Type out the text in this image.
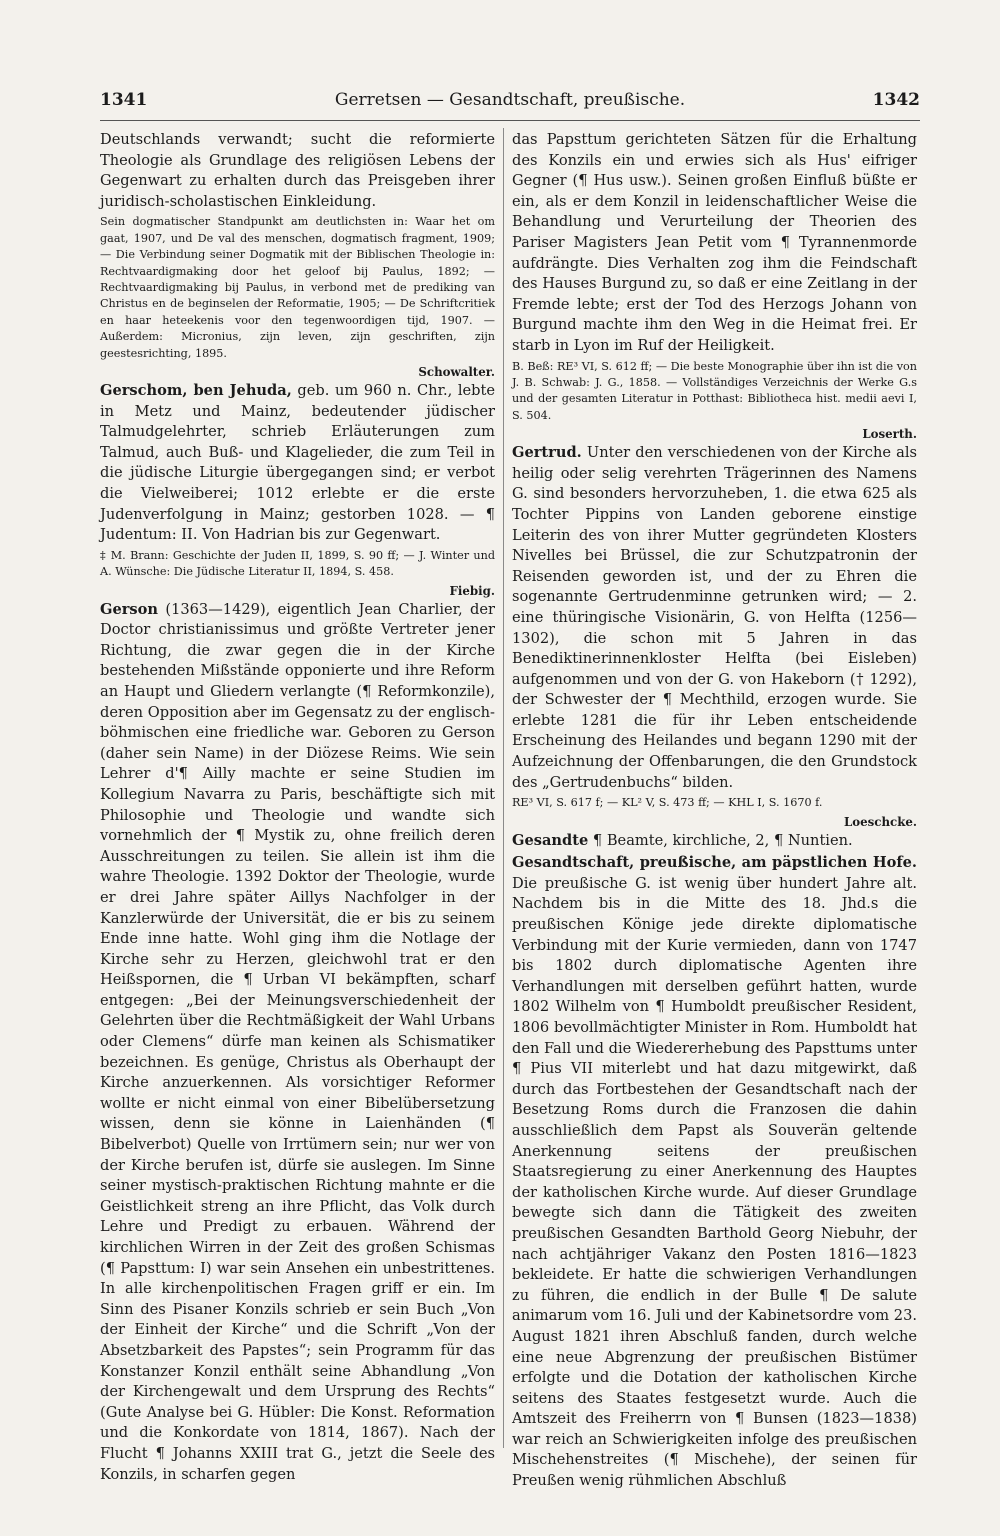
1341	Gerretsen — Gesandtschaft, preußische.	1342

Deutschlands verwandt; sucht die reformierte Theologie als Grundlage des religiösen Lebens der Gegenwart zu erhalten durch das Preisgeben ihrer juridisch-scholastischen Einkleidung.

Sein dogmatischer Standpunkt am deutlichsten in: Waar het om gaat, 1907, und De val des menschen, dogmatisch fragment, 1909; — Die Verbindung seiner Dogmatik mit der Biblischen Theologie in: Rechtvaardigmaking door het geloof bij Paulus, 1892; — Rechtvaardigmaking bij Paulus, in verbond met de prediking van Christus en de beginselen der Reformatie, 1905; — De Schriftcritiek en haar heteekenis voor den tegenwoordigen tijd, 1907. — Außerdem: Micronius, zijn leven, zijn geschriften, zijn geestesrichting, 1895.

Schowalter.

Gerschom, ben Jehuda, geb. um 960 n. Chr., lebte in Metz und Mainz, bedeutender jüdischer Talmudgelehrter, schrieb Erläuterungen zum Talmud, auch Buß- und Klagelieder, die zum Teil in die jüdische Liturgie übergegangen sind; er verbot die Vielweiberei; 1012 erlebte er die erste Judenverfolgung in Mainz; gestorben 1028. — ¶ Judentum: II. Von Hadrian bis zur Gegenwart.

‡ M. Brann: Geschichte der Juden II, 1899, S. 90 ff; — J. Winter und A. Wünsche: Die Jüdische Literatur II, 1894, S. 458.

Fiebig.

Gerson (1363—1429), eigentlich Jean Charlier, der Doctor christianissimus und größte Vertreter jener Richtung, die zwar gegen die in der Kirche bestehenden Mißstände opponierte und ihre Reform an Haupt und Gliedern verlangte (¶ Reformkonzile), deren Opposition aber im Gegensatz zu der englisch-böhmischen eine friedliche war. Geboren zu Gerson (daher sein Name) in der Diözese Reims. Wie sein Lehrer d'¶ Ailly machte er seine Studien im Kollegium Navarra zu Paris, beschäftigte sich mit Philosophie und Theologie und wandte sich vornehmlich der ¶ Mystik zu, ohne freilich deren Ausschreitungen zu teilen. Sie allein ist ihm die wahre Theologie. 1392 Doktor der Theologie, wurde er drei Jahre später Aillys Nachfolger in der Kanzlerwürde der Universität, die er bis zu seinem Ende inne hatte. Wohl ging ihm die Notlage der Kirche sehr zu Herzen, gleichwohl trat er den Heißspornen, die ¶ Urban VI bekämpften, scharf entgegen: „Bei der Meinungsverschiedenheit der Gelehrten über die Rechtmäßigkeit der Wahl Urbans oder Clemens“ dürfe man keinen als Schismatiker bezeichnen. Es genüge, Christus als Oberhaupt der Kirche anzuerkennen. Als vorsichtiger Reformer wollte er nicht einmal von einer Bibelübersetzung wissen, denn sie könne in Laienhänden (¶ Bibelverbot) Quelle von Irrtümern sein; nur wer von der Kirche berufen ist, dürfe sie auslegen. Im Sinne seiner mystisch-praktischen Richtung mahnte er die Geistlichkeit streng an ihre Pflicht, das Volk durch Lehre und Predigt zu erbauen. Während der kirchlichen Wirren in der Zeit des großen Schismas (¶ Papsttum: I) war sein Ansehen ein unbestrittenes. In alle kirchenpolitischen Fragen griff er ein. Im Sinn des Pisaner Konzils schrieb er sein Buch „Von der Einheit der Kirche“ und die Schrift „Von der Absetzbarkeit des Papstes“; sein Programm für das Konstanzer Konzil enthält seine Abhandlung „Von der Kirchengewalt und dem Ursprung des Rechts“ (Gute Analyse bei G. Hübler: Die Konst. Reformation und die Konkordate von 1814, 1867). Nach der Flucht ¶ Johanns XXIII trat G., jetzt die Seele des Konzils, in scharfen gegen

das Papsttum gerichteten Sätzen für die Erhaltung des Konzils ein und erwies sich als Hus' eifriger Gegner (¶ Hus usw.). Seinen großen Einfluß büßte er ein, als er dem Konzil in leidenschaftlicher Weise die Behandlung und Verurteilung der Theorien des Pariser Magisters Jean Petit vom ¶ Tyrannenmorde aufdrängte. Dies Verhalten zog ihm die Feindschaft des Hauses Burgund zu, so daß er eine Zeitlang in der Fremde lebte; erst der Tod des Herzogs Johann von Burgund machte ihm den Weg in die Heimat frei. Er starb in Lyon im Ruf der Heiligkeit.

B. Beß: RE³ VI, S. 612 ff; — Die beste Monographie über ihn ist die von J. B. Schwab: J. G., 1858. — Vollständiges Verzeichnis der Werke G.s und der gesamten Literatur in Potthast: Bibliotheca hist. medii aevi I, S. 504.

Loserth.

Gertrud. Unter den verschiedenen von der Kirche als heilig oder selig verehrten Trägerinnen des Namens G. sind besonders hervorzuheben, 1. die etwa 625 als Tochter Pippins von Landen geborene einstige Leiterin des von ihrer Mutter gegründeten Klosters Nivelles bei Brüssel, die zur Schutzpatronin der Reisenden geworden ist, und der zu Ehren die sogenannte Gertrudenminne getrunken wird; — 2. eine thüringische Visionärin, G. von Helfta (1256—1302), die schon mit 5 Jahren in das Benediktinerinnenkloster Helfta (bei Eisleben) aufgenommen und von der G. von Hakeborn († 1292), der Schwester der ¶ Mechthild, erzogen wurde. Sie erlebte 1281 die für ihr Leben entscheidende Erscheinung des Heilandes und begann 1290 mit der Aufzeichnung der Offenbarungen, die den Grundstock des „Gertrudenbuchs“ bilden.

RE³ VI, S. 617 f; — KL² V, S. 473 ff; — KHL I, S. 1670 f.

Loeschcke.

Gesandte ¶ Beamte, kirchliche, 2, ¶ Nuntien.

Gesandtschaft, preußische, am päpstlichen Hofe. Die preußische G. ist wenig über hundert Jahre alt. Nachdem bis in die Mitte des 18. Jhd.s die preußischen Könige jede direkte diplomatische Verbindung mit der Kurie vermieden, dann von 1747 bis 1802 durch diplomatische Agenten ihre Verhandlungen mit derselben geführt hatten, wurde 1802 Wilhelm von ¶ Humboldt preußischer Resident, 1806 bevollmächtigter Minister in Rom. Humboldt hat den Fall und die Wiedererhebung des Papsttums unter ¶ Pius VII miterlebt und hat dazu mitgewirkt, daß durch das Fortbestehen der Gesandtschaft nach der Besetzung Roms durch die Franzosen die dahin ausschließlich dem Papst als Souverän geltende Anerkennung seitens der preußischen Staatsregierung zu einer Anerkennung des Hauptes der katholischen Kirche wurde. Auf dieser Grundlage bewegte sich dann die Tätigkeit des zweiten preußischen Gesandten Barthold Georg Niebuhr, der nach achtjähriger Vakanz den Posten 1816—1823 bekleidete. Er hatte die schwierigen Verhandlungen zu führen, die endlich in der Bulle ¶ De salute animarum vom 16. Juli und der Kabinetsordre vom 23. August 1821 ihren Abschluß fanden, durch welche eine neue Abgrenzung der preußischen Bistümer erfolgte und die Dotation der katholischen Kirche seitens des Staates festgesetzt wurde. Auch die Amtszeit des Freiherrn von ¶ Bunsen (1823—1838) war reich an Schwierigkeiten infolge des preußischen Mischehenstreites (¶ Mischehe), der seinen für Preußen wenig rühmlichen Abschluß
